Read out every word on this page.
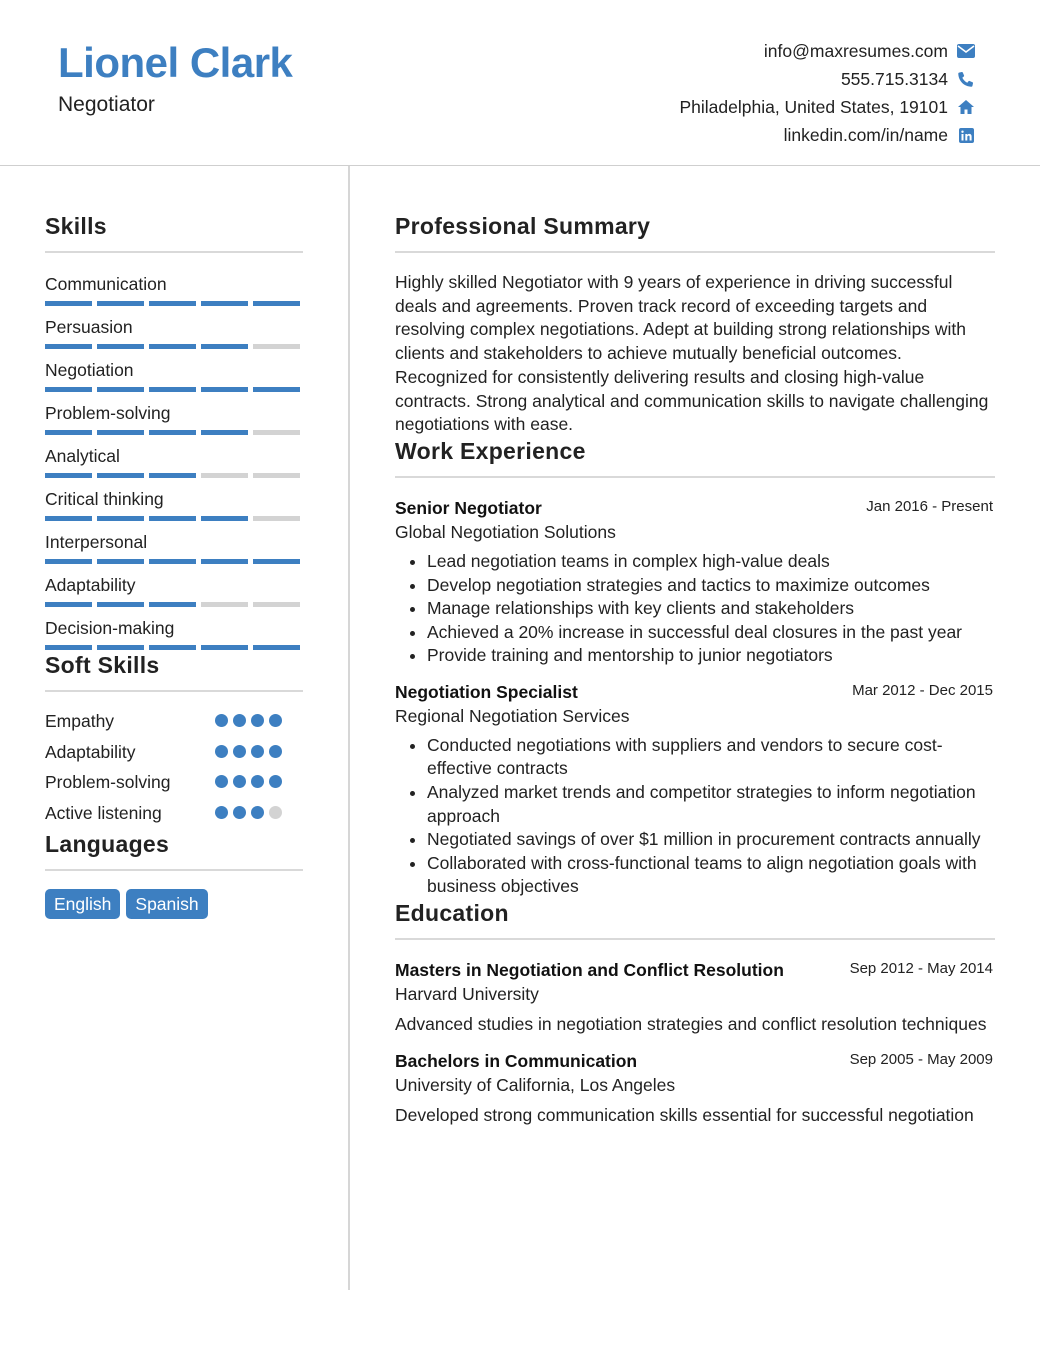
Lionel Clark
Negotiator
info@maxresumes.com
555.715.3134
Philadelphia, United States, 19101
linkedin.com/in/name
Skills
Communication
Persuasion
Negotiation
Problem-solving
Analytical
Critical thinking
Interpersonal
Adaptability
Decision-making
Soft Skills
Empathy
Adaptability
Problem-solving
Active listening
Languages
English	Spanish
Professional Summary
Highly skilled Negotiator with 9 years of experience in driving successful deals and agreements. Proven track record of exceeding targets and resolving complex negotiations. Adept at building strong relationships with clients and stakeholders to achieve mutually beneficial outcomes. Recognized for consistently delivering results and closing high-value contracts. Strong analytical and communication skills to navigate challenging negotiations with ease.
Work Experience
Senior Negotiator	Jan 2016 - Present
Global Negotiation Solutions
Lead negotiation teams in complex high-value deals
Develop negotiation strategies and tactics to maximize outcomes
Manage relationships with key clients and stakeholders
Achieved a 20% increase in successful deal closures in the past year
Provide training and mentorship to junior negotiators
Negotiation Specialist	Mar 2012 - Dec 2015
Regional Negotiation Services
Conducted negotiations with suppliers and vendors to secure cost-effective contracts
Analyzed market trends and competitor strategies to inform negotiation approach
Negotiated savings of over $1 million in procurement contracts annually
Collaborated with cross-functional teams to align negotiation goals with business objectives
Education
Masters in Negotiation and Conflict Resolution	Sep 2012 - May 2014
Harvard University
Advanced studies in negotiation strategies and conflict resolution techniques
Bachelors in Communication	Sep 2005 - May 2009
University of California, Los Angeles
Developed strong communication skills essential for successful negotiation
